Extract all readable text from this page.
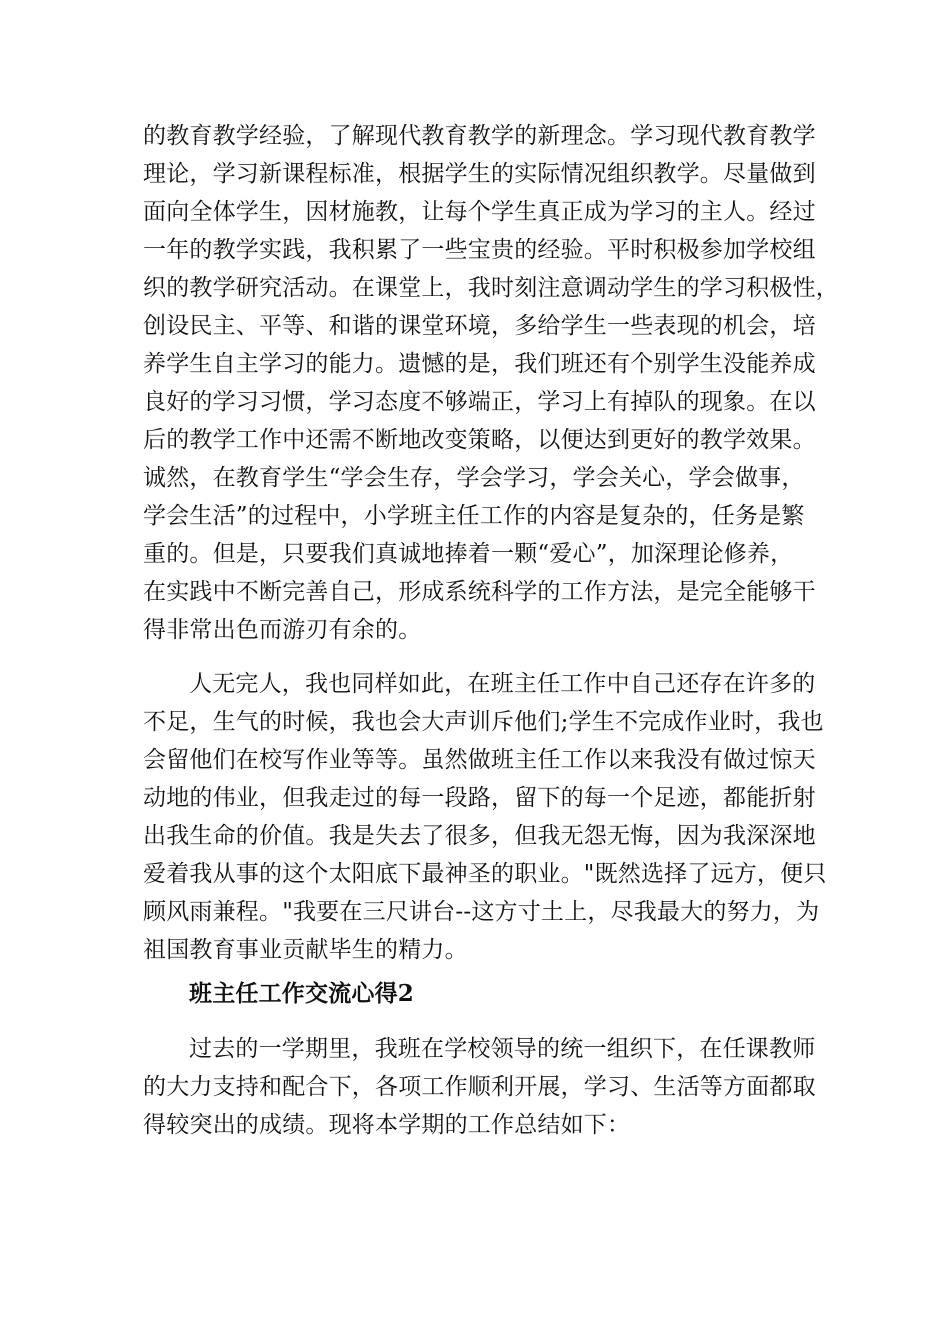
的教育教学经验，了解现代教育教学的新理念。学习现代教育教学
理论，学习新课程标准，根据学生的实际情况组织教学。尽量做到
面向全体学生，因材施教，让每个学生真正成为学习的主人。经过
一年的教学实践，我积累了一些宝贵的经验。平时积极参加学校组
织的教学研究活动。在课堂上，我时刻注意调动学生的学习积极性，
创设民主、平等、和谐的课堂环境，多给学生一些表现的机会，培
养学生自主学习的能力。遗憾的是，我们班还有个别学生没能养成
良好的学习习惯，学习态度不够端正，学习上有掉队的现象。在以
后的教学工作中还需不断地改变策略，以便达到更好的教学效果。
诚然，在教育学生“学会生存，学会学习，学会关心，学会做事，
学会生活”的过程中，小学班主任工作的内容是复杂的，任务是繁
重的。但是，只要我们真诚地捧着一颗“爱心”，加深理论修养，
在实践中不断完善自己，形成系统科学的工作方法，是完全能够干
得非常出色而游刃有余的。
人无完人，我也同样如此，在班主任工作中自己还存在许多的
不足，生气的时候，我也会大声训斥他们;学生不完成作业时，我也
会留他们在校写作业等等。虽然做班主任工作以来我没有做过惊天
动地的伟业，但我走过的每一段路，留下的每一个足迹，都能折射
出我生命的价值。我是失去了很多，但我无怨无悔，因为我深深地
爱着我从事的这个太阳底下最神圣的职业。"既然选择了远方，便只
顾风雨兼程。"我要在三尺讲台--这方寸土上，尽我最大的努力，为
祖国教育事业贡献毕生的精力。
班主任工作交流心得2
过去的一学期里，我班在学校领导的统一组织下，在任课教师
的大力支持和配合下，各项工作顺利开展，学习、生活等方面都取
得较突出的成绩。现将本学期的工作总结如下：
